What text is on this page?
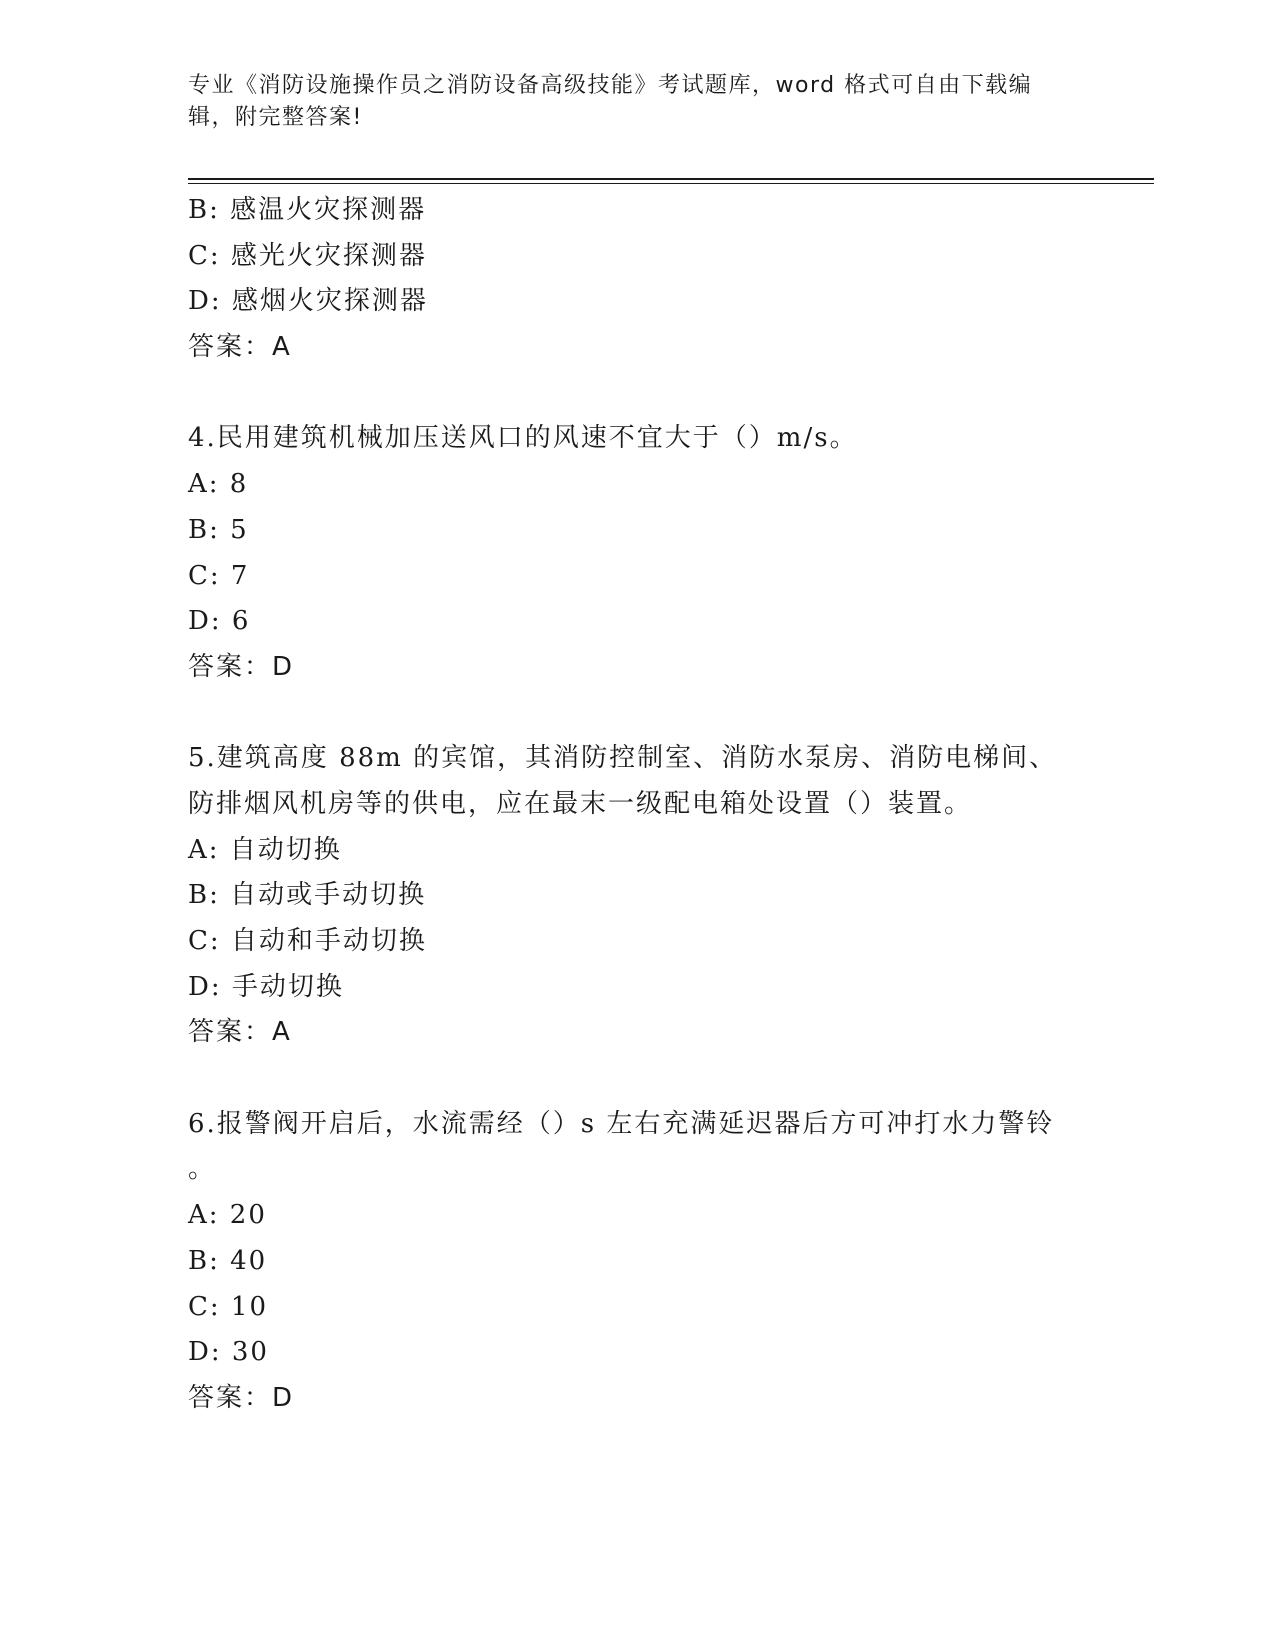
专业《消防设施操作员之消防设备高级技能》考试题库，word 格式可自由下载编
辑，附完整答案!
B: 感温火灾探测器
C: 感光火灾探测器
D: 感烟火灾探测器
答案：A
4.民用建筑机械加压送风口的风速不宜大于（）m/s。
A: 8
B: 5
C: 7
D: 6
答案：D
5.建筑高度 88m 的宾馆，其消防控制室、消防水泵房、消防电梯间、
防排烟风机房等的供电，应在最末一级配电箱处设置（）装置。
A: 自动切换
B: 自动或手动切换
C: 自动和手动切换
D: 手动切换
答案：A
6.报警阀开启后，水流需经（）s 左右充满延迟器后方可冲打水力警铃
。
A: 20
B: 40
C: 10
D: 30
答案：D
